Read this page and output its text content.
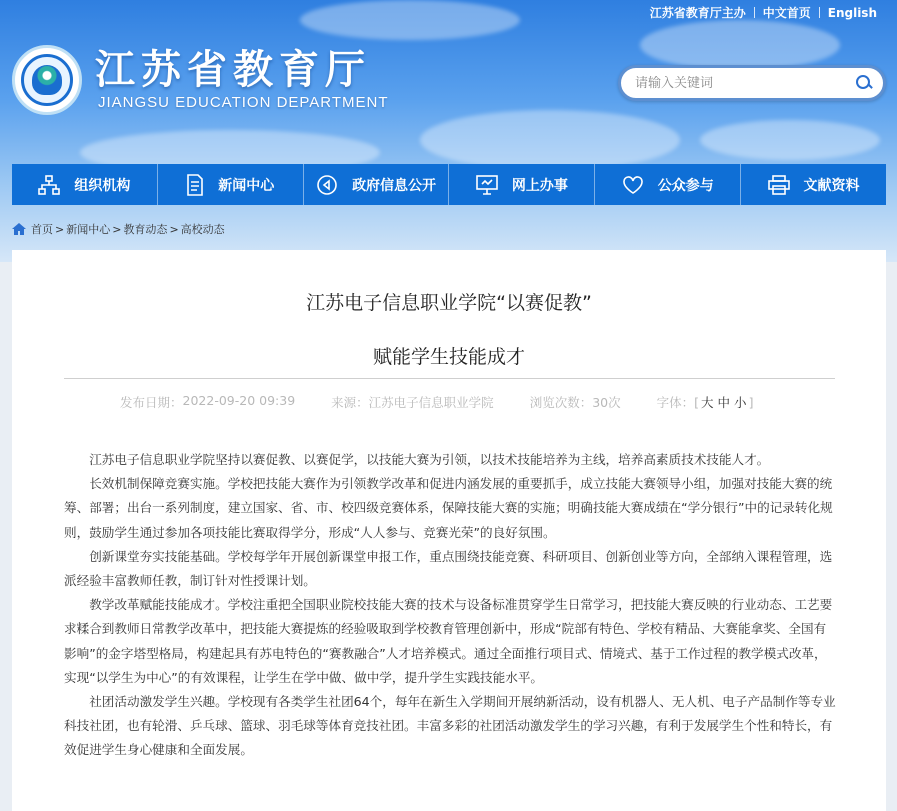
江苏省教育厅主办	中文首页	English
江苏省教育厅
JIANGSU EDUCATION DEPARTMENT
请输入关键词
组织机构	新闻中心	政府信息公开	网上办事	公众参与	文献资料
首页 > 新闻中心 > 教育动态 > 高校动态
江苏电子信息职业学院“以赛促教”
赋能学生技能成才
发布日期： 2022-09-20 09:39	来源： 江苏电子信息职业学院	浏览次数： 30次	字体：[ 大 中 小 ]

江苏电子信息职业学院坚持以赛促教、以赛促学，以技能大赛为引领，以技术技能培养为主线，培养高素质技术技能人才。

长效机制保障竞赛实施。学校把技能大赛作为引领教学改革和促进内涵发展的重要抓手，成立技能大赛领导小组，加强对技能大赛的统筹、部署；出台一系列制度，建立国家、省、市、校四级竞赛体系，保障技能大赛的实施；明确技能大赛成绩在“学分银行”中的记录转化规则，鼓励学生通过参加各项技能比赛取得学分，形成“人人参与、竞赛光荣”的良好氛围。

创新课堂夯实技能基础。学校每学年开展创新课堂申报工作，重点围绕技能竞赛、科研项目、创新创业等方向，全部纳入课程管理，选派经验丰富教师任教，制订针对性授课计划。

教学改革赋能技能成才。学校注重把全国职业院校技能大赛的技术与设备标准贯穿学生日常学习，把技能大赛反映的行业动态、工艺要求糅合到教师日常教学改革中，把技能大赛提炼的经验吸取到学校教育管理创新中，形成“院部有特色、学校有精品、大赛能拿奖、全国有影响”的金字塔型格局，构建起具有苏电特色的“赛教融合”人才培养模式。通过全面推行项目式、情境式、基于工作过程的教学模式改革，实现“以学生为中心”的有效课程，让学生在学中做、做中学，提升学生实践技能水平。

社团活动激发学生兴趣。学校现有各类学生社团64个，每年在新生入学期间开展纳新活动，设有机器人、无人机、电子产品制作等专业科技社团，也有轮滑、乒乓球、篮球、羽毛球等体育竞技社团。丰富多彩的社团活动激发学生的学习兴趣，有利于发展学生个性和特长，有效促进学生身心健康和全面发展。
